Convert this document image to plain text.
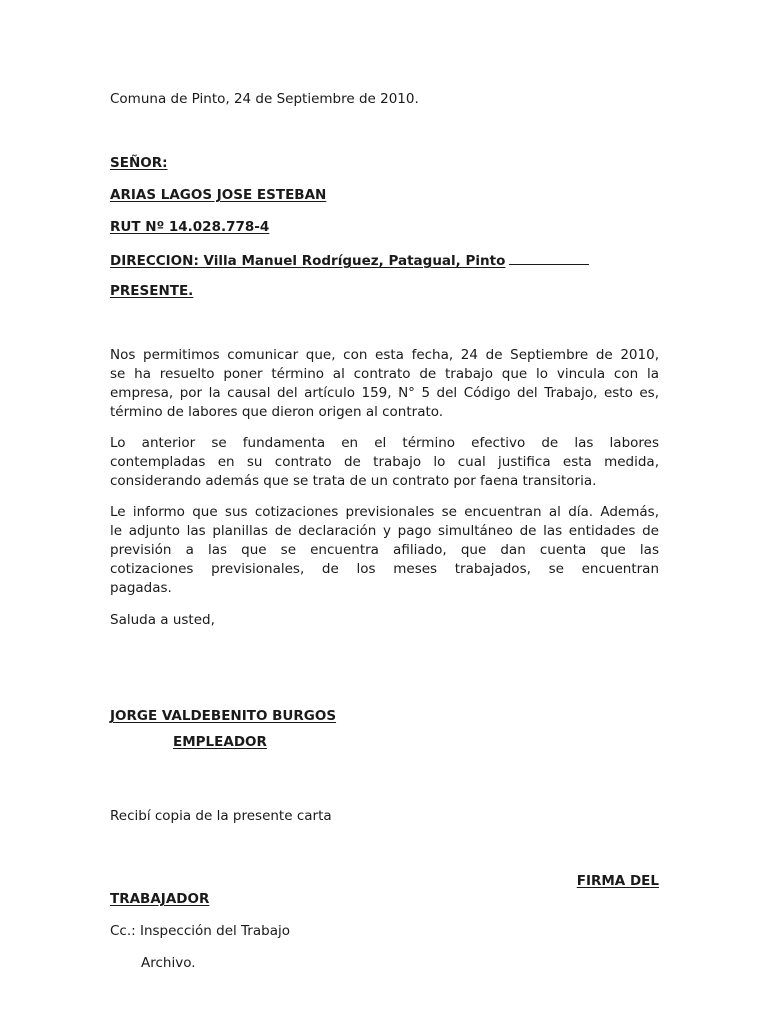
Comuna de Pinto, 24 de Septiembre de 2010.
SEÑOR:
ARIAS LAGOS JOSE ESTEBAN
RUT Nº 14.028.778-4
DIRECCION: Villa Manuel Rodríguez, Patagual, Pinto
PRESENTE.
Nos permitimos comunicar que, con esta fecha, 24 de Septiembre de 2010,
se ha resuelto poner término al contrato de trabajo que lo vincula con la
empresa, por la causal del artículo 159, N° 5 del Código del Trabajo, esto es,
término de labores que dieron origen al contrato.
Lo anterior se fundamenta en el término efectivo de las labores
contempladas en su contrato de trabajo lo cual justifica esta medida,
considerando además que se trata de un contrato por faena transitoria.
Le informo que sus cotizaciones previsionales se encuentran al día. Además,
le adjunto las planillas de declaración y pago simultáneo de las entidades de
previsión a las que se encuentra afiliado, que dan cuenta que las
cotizaciones previsionales, de los meses trabajados, se encuentran
pagadas.
Saluda a usted,
JORGE VALDEBENITO BURGOS
EMPLEADOR
Recibí copia de la presente carta
FIRMA DEL
TRABAJADOR
Cc.: Inspección del Trabajo
Archivo.
